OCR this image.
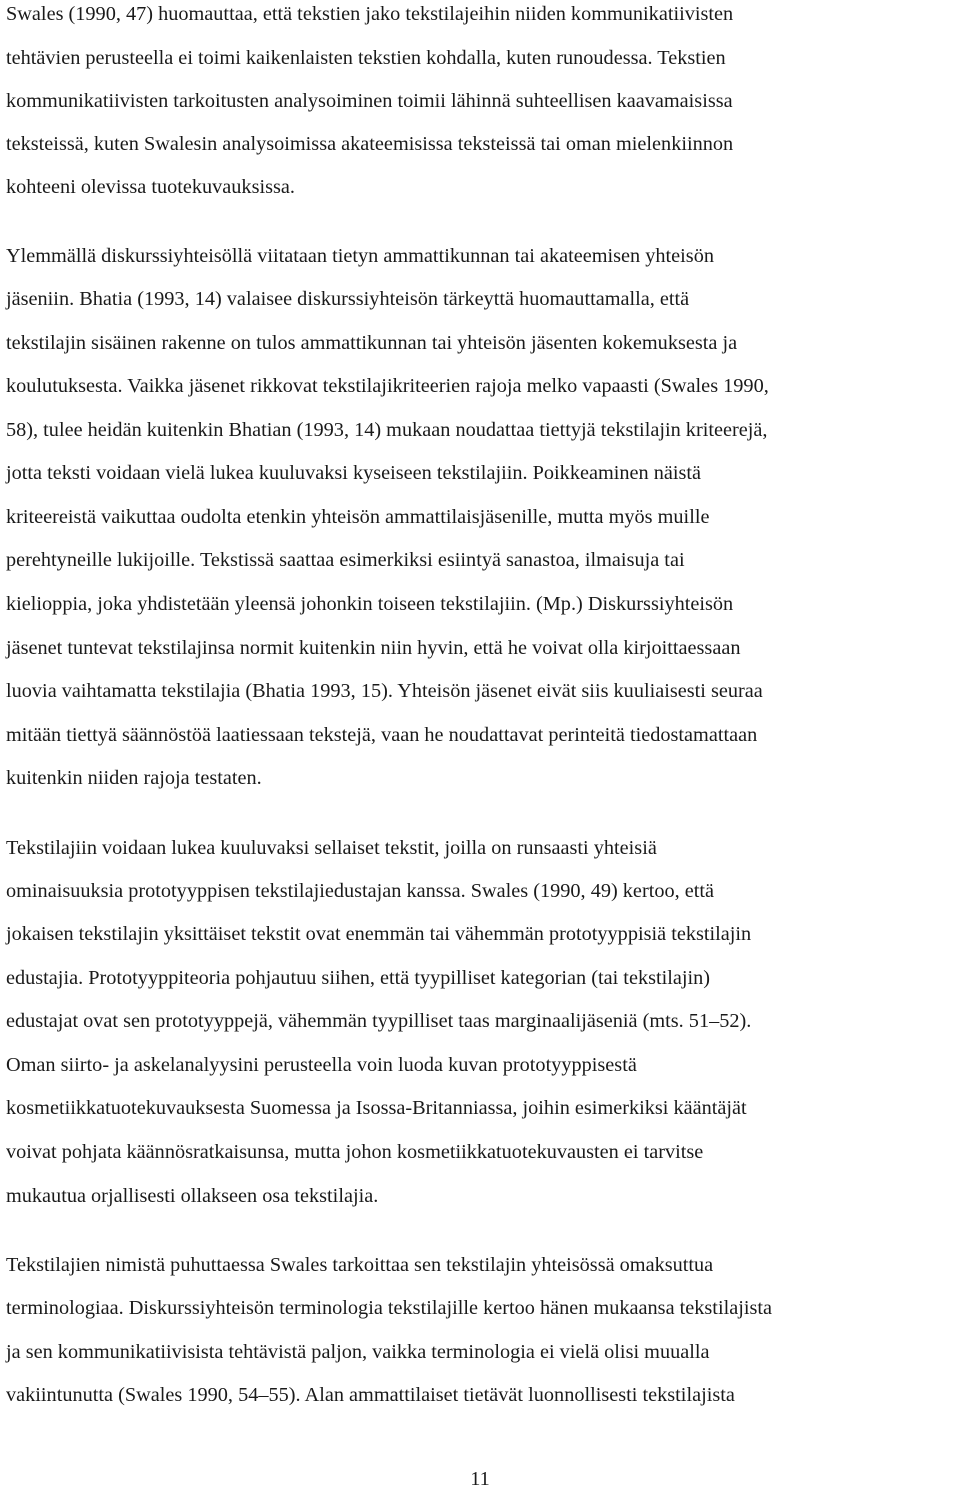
Swales (1990, 47) huomauttaa, että tekstien jako tekstilajeihin niiden kommunikatiivisten
tehtävien perusteella ei toimi kaikenlaisten tekstien kohdalla, kuten runoudessa. Tekstien
kommunikatiivisten tarkoitusten analysoiminen toimii lähinnä suhteellisen kaavamaisissa
teksteissä, kuten Swalesin analysoimissa akateemisissa teksteissä tai oman mielenkiinnon
kohteeni olevissa tuotekuvauksissa.
Ylemmällä diskurssiyhteisöllä viitataan tietyn ammattikunnan tai akateemisen yhteisön
jäseniin. Bhatia (1993, 14) valaisee diskurssiyhteisön tärkeyttä huomauttamalla, että
tekstilajin sisäinen rakenne on tulos ammattikunnan tai yhteisön jäsenten kokemuksesta ja
koulutuksesta. Vaikka jäsenet rikkovat tekstilajikriteerien rajoja melko vapaasti (Swales 1990,
58), tulee heidän kuitenkin Bhatian (1993, 14) mukaan noudattaa tiettyjä tekstilajin kriteerejä,
jotta teksti voidaan vielä lukea kuuluvaksi kyseiseen tekstilajiin. Poikkeaminen näistä
kriteereistä vaikuttaa oudolta etenkin yhteisön ammattilaisjäsenille, mutta myös muille
perehtyneille lukijoille. Tekstissä saattaa esimerkiksi esiintyä sanastoa, ilmaisuja tai
kielioppia, joka yhdistetään yleensä johonkin toiseen tekstilajiin. (Mp.) Diskurssiyhteisön
jäsenet tuntevat tekstilajinsa normit kuitenkin niin hyvin, että he voivat olla kirjoittaessaan
luovia vaihtamatta tekstilajia (Bhatia 1993, 15). Yhteisön jäsenet eivät siis kuuliaisesti seuraa
mitään tiettyä säännöstöä laatiessaan tekstejä, vaan he noudattavat perinteitä tiedostamattaan
kuitenkin niiden rajoja testaten.
Tekstilajiin voidaan lukea kuuluvaksi sellaiset tekstit, joilla on runsaasti yhteisiä
ominaisuuksia prototyyppisen tekstilajiedustajan kanssa. Swales (1990, 49) kertoo, että
jokaisen tekstilajin yksittäiset tekstit ovat enemmän tai vähemmän prototyyppisiä tekstilajin
edustajia. Prototyyppiteoria pohjautuu siihen, että tyypilliset kategorian (tai tekstilajin)
edustajat ovat sen prototyyppejä, vähemmän tyypilliset taas marginaalijäseniä (mts. 51–52).
Oman siirto- ja askelanalyysini perusteella voin luoda kuvan prototyyppisestä
kosmetiikkatuotekuvauksesta Suomessa ja Isossa-Britanniassa, joihin esimerkiksi kääntäjät
voivat pohjata käännösratkaisunsa, mutta johon kosmetiikkatuotekuvausten ei tarvitse
mukautua orjallisesti ollakseen osa tekstilajia.
Tekstilajien nimistä puhuttaessa Swales tarkoittaa sen tekstilajin yhteisössä omaksuttua
terminologiaa. Diskurssiyhteisön terminologia tekstilajille kertoo hänen mukaansa tekstilajista
ja sen kommunikatiivisista tehtävistä paljon, vaikka terminologia ei vielä olisi muualla
vakiintunutta (Swales 1990, 54–55). Alan ammattilaiset tietävät luonnollisesti tekstilajista
11
